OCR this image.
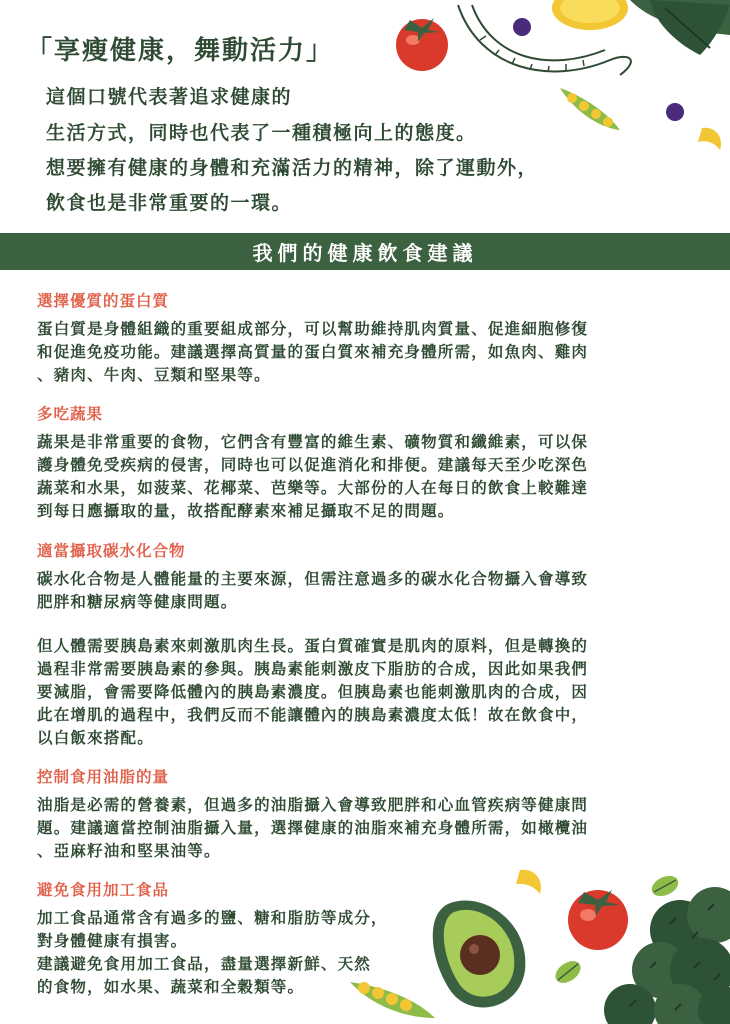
「享瘦健康，舞動活力」
這個口號代表著追求健康的
生活方式，同時也代表了一種積極向上的態度。
想要擁有健康的身體和充滿活力的精神，除了運動外，
飲食也是非常重要的一環。
我們的健康飲食建議
選擇優質的蛋白質
蛋白質是身體組織的重要組成部分，可以幫助維持肌肉質量、促進細胞修復
和促進免疫功能。建議選擇高質量的蛋白質來補充身體所需，如魚肉、雞肉
、豬肉、牛肉、豆類和堅果等。
多吃蔬果
蔬果是非常重要的食物，它們含有豐富的維生素、礦物質和纖維素，可以保
護身體免受疾病的侵害，同時也可以促進消化和排便。建議每天至少吃深色
蔬菜和水果，如菠菜、花椰菜、芭樂等。大部份的人在每日的飲食上較難達
到每日應攝取的量，故搭配酵素來補足攝取不足的問題。
適當攝取碳水化合物
碳水化合物是人體能量的主要來源，但需注意過多的碳水化合物攝入會導致
肥胖和糖尿病等健康問題。
但人體需要胰島素來刺激肌肉生長。蛋白質確實是肌肉的原料，但是轉換的
過程非常需要胰島素的參與。胰島素能刺激皮下脂肪的合成，因此如果我們
要減脂，會需要降低體內的胰島素濃度。但胰島素也能刺激肌肉的合成，因
此在增肌的過程中，我們反而不能讓體內的胰島素濃度太低！故在飲食中，
以白飯來搭配。
控制食用油脂的量
油脂是必需的營養素，但過多的油脂攝入會導致肥胖和心血管疾病等健康問
題。建議適當控制油脂攝入量，選擇健康的油脂來補充身體所需，如橄欖油
、亞麻籽油和堅果油等。
避免食用加工食品
加工食品通常含有過多的鹽、糖和脂肪等成分，
對身體健康有損害。
建議避免食用加工食品，盡量選擇新鮮、天然
的食物，如水果、蔬菜和全穀類等。
